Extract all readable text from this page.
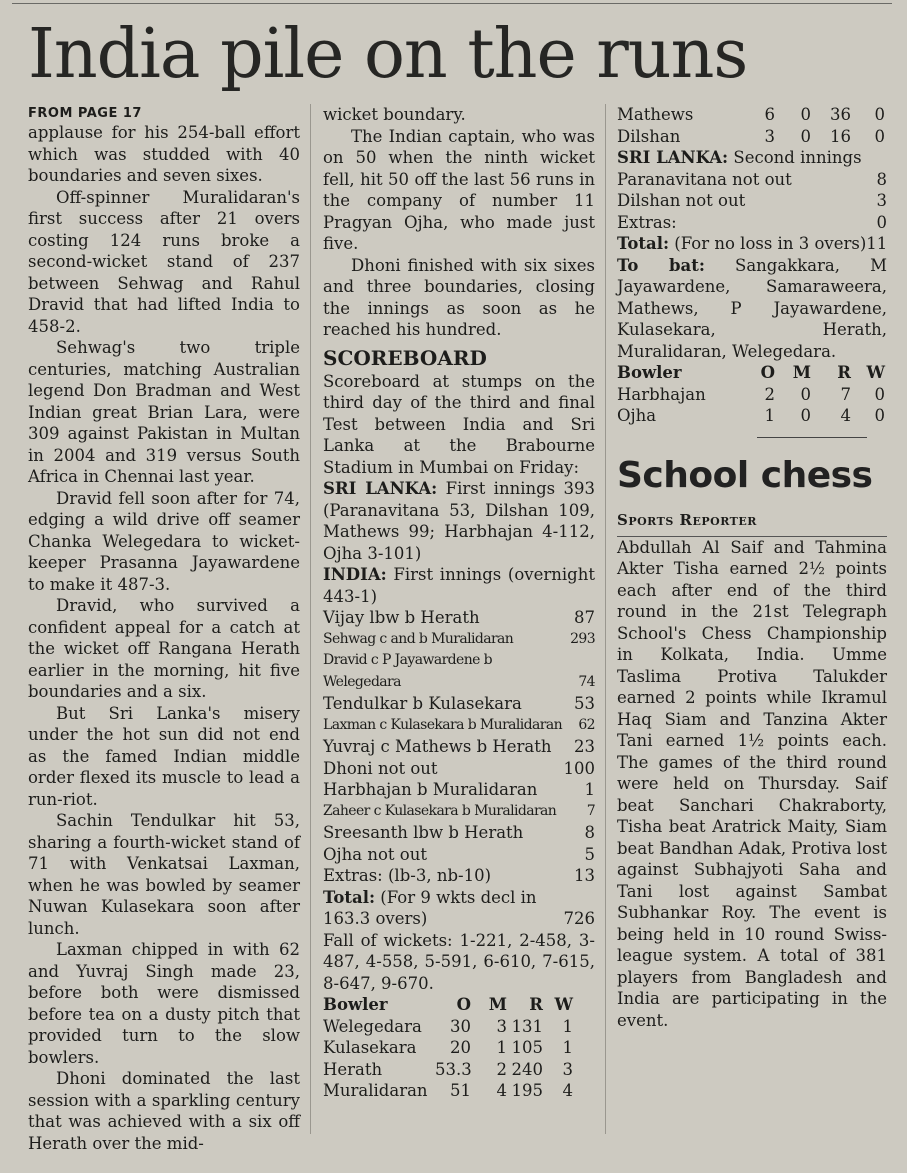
India pile on the runs
FROM PAGE 17

applause for his 254-ball effort which was studded with 40 boundaries and seven sixes.

Off-spinner Muralidaran's first success after 21 overs costing 124 runs broke a second-wicket stand of 237 between Sehwag and Rahul Dravid that had lifted India to 458-2.

Sehwag's two triple centuries, matching Australian legend Don Bradman and West Indian great Brian Lara, were 309 against Pakistan in Multan in 2004 and 319 versus South Africa in Chennai last year.

Dravid fell soon after for 74, edging a wild drive off seamer Chanka Welegedara to wicket-keeper Prasanna Jayawardene to make it 487-3.

Dravid, who survived a confident appeal for a catch at the wicket off Rangana Herath earlier in the morning, hit five boundaries and a six.

But Sri Lanka's misery under the hot sun did not end as the famed Indian middle order flexed its muscle to lead a run-riot.

Sachin Tendulkar hit 53, sharing a fourth-wicket stand of 71 with Venkatsai Laxman, when he was bowled by seamer Nuwan Kulasekara soon after lunch.

Laxman chipped in with 62 and Yuvraj Singh made 23, before both were dismissed before tea on a dusty pitch that provided turn to the slow bowlers.

Dhoni dominated the last session with a sparkling century that was achieved with a six off Herath over the mid-

wicket boundary.

The Indian captain, who was on 50 when the ninth wicket fell, hit 50 off the last 56 runs in the company of number 11 Pragyan Ojha, who made just five.

Dhoni finished with six sixes and three boundaries, closing the innings as soon as he reached his hundred.

SCOREBOARD

Scoreboard at stumps on the third day of the third and final Test between India and Sri Lanka at the Brabourne Stadium in Mumbai on Friday:

SRI LANKA: First innings 393 (Paranavitana 53, Dilshan 109, Mathews 99; Harbhajan 4-112, Ojha 3-101)

INDIA: First innings (overnight 443-1)

Vijay lbw b Herath	87
Sehwag c and b Muralidaran	293
Dravid c P Jayawardene b
Welegedara	74
Tendulkar b Kulasekara	53
Laxman c Kulasekara b Muralidaran 62
Yuvraj c Mathews b Herath 23
Dhoni not out	100
Harbhajan b Muralidaran	1
Zaheer c Kulasekara b Muralidaran 7
Sreesanth lbw b Herath	8
Ojha not out	5
Extras: (lb-3, nb-10)	13

Total: (For 9 wkts decl in

163.3 overs)	726

Fall of wickets: 1-221, 2-458, 3-487, 4-558, 5-591, 6-610, 7-615, 8-647, 9-670.

Bowler	O	M	R W
Welegedara	30	3 131	1
Kulasekara	20	1 105	1
Herath	53.3	2 240	3
Muralidaran	51	4 195	4
Mathews	6	0	36	0
Dilshan	3	0	16	0

SRI LANKA: Second innings

Paranavitana not out	8
Dilshan not out	3
Extras:	0
Total: (For no loss in 3 overs) 11

To bat: Sangakkara, M Jayawardene, Samaraweera, Mathews, P Jayawardene, Kulasekara, Herath, Muralidaran, Welegedara.

Bowler	O	M	R W
Harbhajan	2	0	7	0
Ojha	1	0	4	0
School chess
Sports Reporter

Abdullah Al Saif and Tahmina Akter Tisha earned 2½ points each after end of the third round in the 21st Telegraph School's Chess Championship in Kolkata, India. Umme Taslima Protiva Talukder earned 2 points while Ikramul Haq Siam and Tanzina Akter Tani earned 1½ points each. The games of the third round were held on Thursday. Saif beat Sanchari Chakraborty, Tisha beat Aratrick Maity, Siam beat Bandhan Adak, Protiva lost against Subhajyoti Saha and Tani lost against Sambat Subhankar Roy. The event is being held in 10 round Swiss-league system. A total of 381 players from Bangladesh and India are participating in the event.
